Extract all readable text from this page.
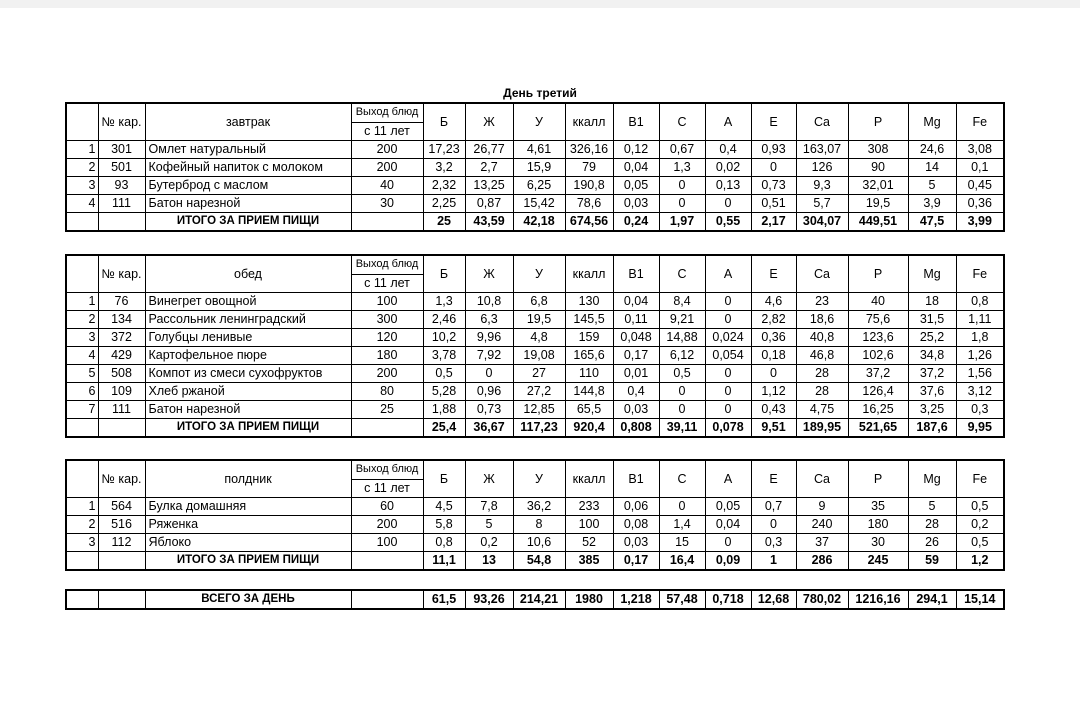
День третий
	№ кар.	завтрак	Выход блюд	Б	Ж	У	ккалл	B1	C	A	E	Ca	P	Mg	Fe
			с 11 лет												
1	301	Омлет натуральный	200	17,23	26,77	4,61	326,16	0,12	0,67	0,4	0,93	163,07	308	24,6	3,08
2	501	Кофейный напиток с молоком	200	3,2	2,7	15,9	79	0,04	1,3	0,02	0	126	90	14	0,1
3	93	Бутерброд с маслом	40	2,32	13,25	6,25	190,8	0,05	0	0,13	0,73	9,3	32,01	5	0,45
4	111	Батон нарезной	30	2,25	0,87	15,42	78,6	0,03	0	0	0,51	5,7	19,5	3,9	0,36
		ИТОГО ЗА ПРИЕМ ПИЩИ		25	43,59	42,18	674,56	0,24	1,97	0,55	2,17	304,07	449,51	47,5	3,99
	№ кар.	обед	Выход блюд	Б	Ж	У	ккалл	B1	C	A	E	Ca	P	Mg	Fe
			с 11 лет												
1	76	Винегрет овощной	100	1,3	10,8	6,8	130	0,04	8,4	0	4,6	23	40	18	0,8
2	134	Рассольник ленинградский	300	2,46	6,3	19,5	145,5	0,11	9,21	0	2,82	18,6	75,6	31,5	1,11
3	372	Голубцы ленивые	120	10,2	9,96	4,8	159	0,048	14,88	0,024	0,36	40,8	123,6	25,2	1,8
4	429	Картофельное пюре	180	3,78	7,92	19,08	165,6	0,17	6,12	0,054	0,18	46,8	102,6	34,8	1,26
5	508	Компот из смеси сухофруктов	200	0,5	0	27	110	0,01	0,5	0	0	28	37,2	37,2	1,56
6	109	Хлеб ржаной	80	5,28	0,96	27,2	144,8	0,4	0	0	1,12	28	126,4	37,6	3,12
7	111	Батон нарезной	25	1,88	0,73	12,85	65,5	0,03	0	0	0,43	4,75	16,25	3,25	0,3
		ИТОГО ЗА ПРИЕМ ПИЩИ		25,4	36,67	117,23	920,4	0,808	39,11	0,078	9,51	189,95	521,65	187,6	9,95
	№ кар.	полдник	Выход блюд	Б	Ж	У	ккалл	B1	C	A	E	Ca	P	Mg	Fe
			с 11 лет												
1	564	Булка домашняя	60	4,5	7,8	36,2	233	0,06	0	0,05	0,7	9	35	5	0,5
2	516	Ряженка	200	5,8	5	8	100	0,08	1,4	0,04	0	240	180	28	0,2
3	112	Яблоко	100	0,8	0,2	10,6	52	0,03	15	0	0,3	37	30	26	0,5
		ИТОГО ЗА ПРИЕМ ПИЩИ		11,1	13	54,8	385	0,17	16,4	0,09	1	286	245	59	1,2
		ВСЕГО ЗА ДЕНЬ		61,5	93,26	214,21	1980	1,218	57,48	0,718	12,68	780,02	1216,16	294,1	15,14
